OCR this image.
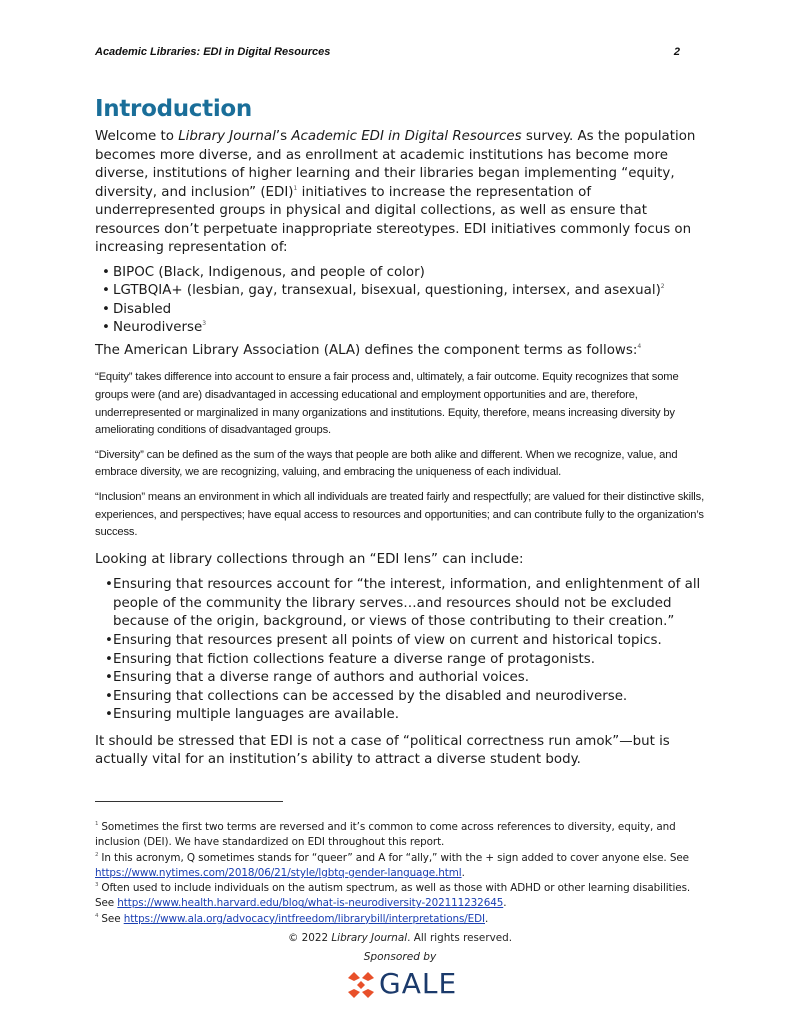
Academic Libraries: EDI in Digital Resources	2
Introduction

Welcome to Library Journal’s Academic EDI in Digital Resources survey. As the population becomes more diverse, and as enrollment at academic institutions has become more diverse, institutions of higher learning and their libraries began implementing “equity, diversity, and inclusion” (EDI)$^1$ initiatives to increase the representation of underrepresented groups in physical and digital collections, as well as ensure that resources don’t perpetuate inappropriate stereotypes. EDI initiatives commonly focus on increasing representation of:

• BIPOC (Black, Indigenous, and people of color)
• LGTBQIA+ (lesbian, gay, transexual, bisexual, questioning, intersex, and asexual)$^2$
• Disabled
• Neurodiverse$^3$

The American Library Association (ALA) defines the component terms as follows:$^4$

“Equity” takes difference into account to ensure a fair process and, ultimately, a fair outcome. Equity recognizes that some groups were (and are) disadvantaged in accessing educational and employment opportunities and are, therefore, underrepresented or marginalized in many organizations and institutions. Equity, therefore, means increasing diversity by ameliorating conditions of disadvantaged groups.

“Diversity” can be defined as the sum of the ways that people are both alike and different. When we recognize, value, and embrace diversity, we are recognizing, valuing, and embracing the uniqueness of each individual.

“Inclusion” means an environment in which all individuals are treated fairly and respectfully; are valued for their distinctive skills, experiences, and perspectives; have equal access to resources and opportunities; and can contribute fully to the organization’s success.

Looking at library collections through an “EDI lens” can include:

• Ensuring that resources account for “the interest, information, and enlightenment of all people of the community the library serves…and resources should not be excluded because of the origin, background, or views of those contributing to their creation.”
• Ensuring that resources present all points of view on current and historical topics.
• Ensuring that fiction collections feature a diverse range of protagonists.
• Ensuring that a diverse range of authors and authorial voices.
• Ensuring that collections can be accessed by the disabled and neurodiverse.
• Ensuring multiple languages are available.

It should be stressed that EDI is not a case of “political correctness run amok”—but is actually vital for an institution’s ability to attract a diverse student body.

$^1$ Sometimes the first two terms are reversed and it’s common to come across references to diversity, equity, and inclusion (DEI). We have standardized on EDI throughout this report.
$^2$ In this acronym, Q sometimes stands for “queer” and A for “ally,” with the + sign added to cover anyone else. See https://www.nytimes.com/2018/06/21/style/lgbtq-gender-language.html.
$^3$ Often used to include individuals on the autism spectrum, as well as those with ADHD or other learning disabilities. See https://www.health.harvard.edu/blog/what-is-neurodiversity-202111232645.
$^4$ See https://www.ala.org/advocacy/intfreedom/librarybill/interpretations/EDI.
© 2022 Library Journal. All rights reserved.
Sponsored by
GALE
